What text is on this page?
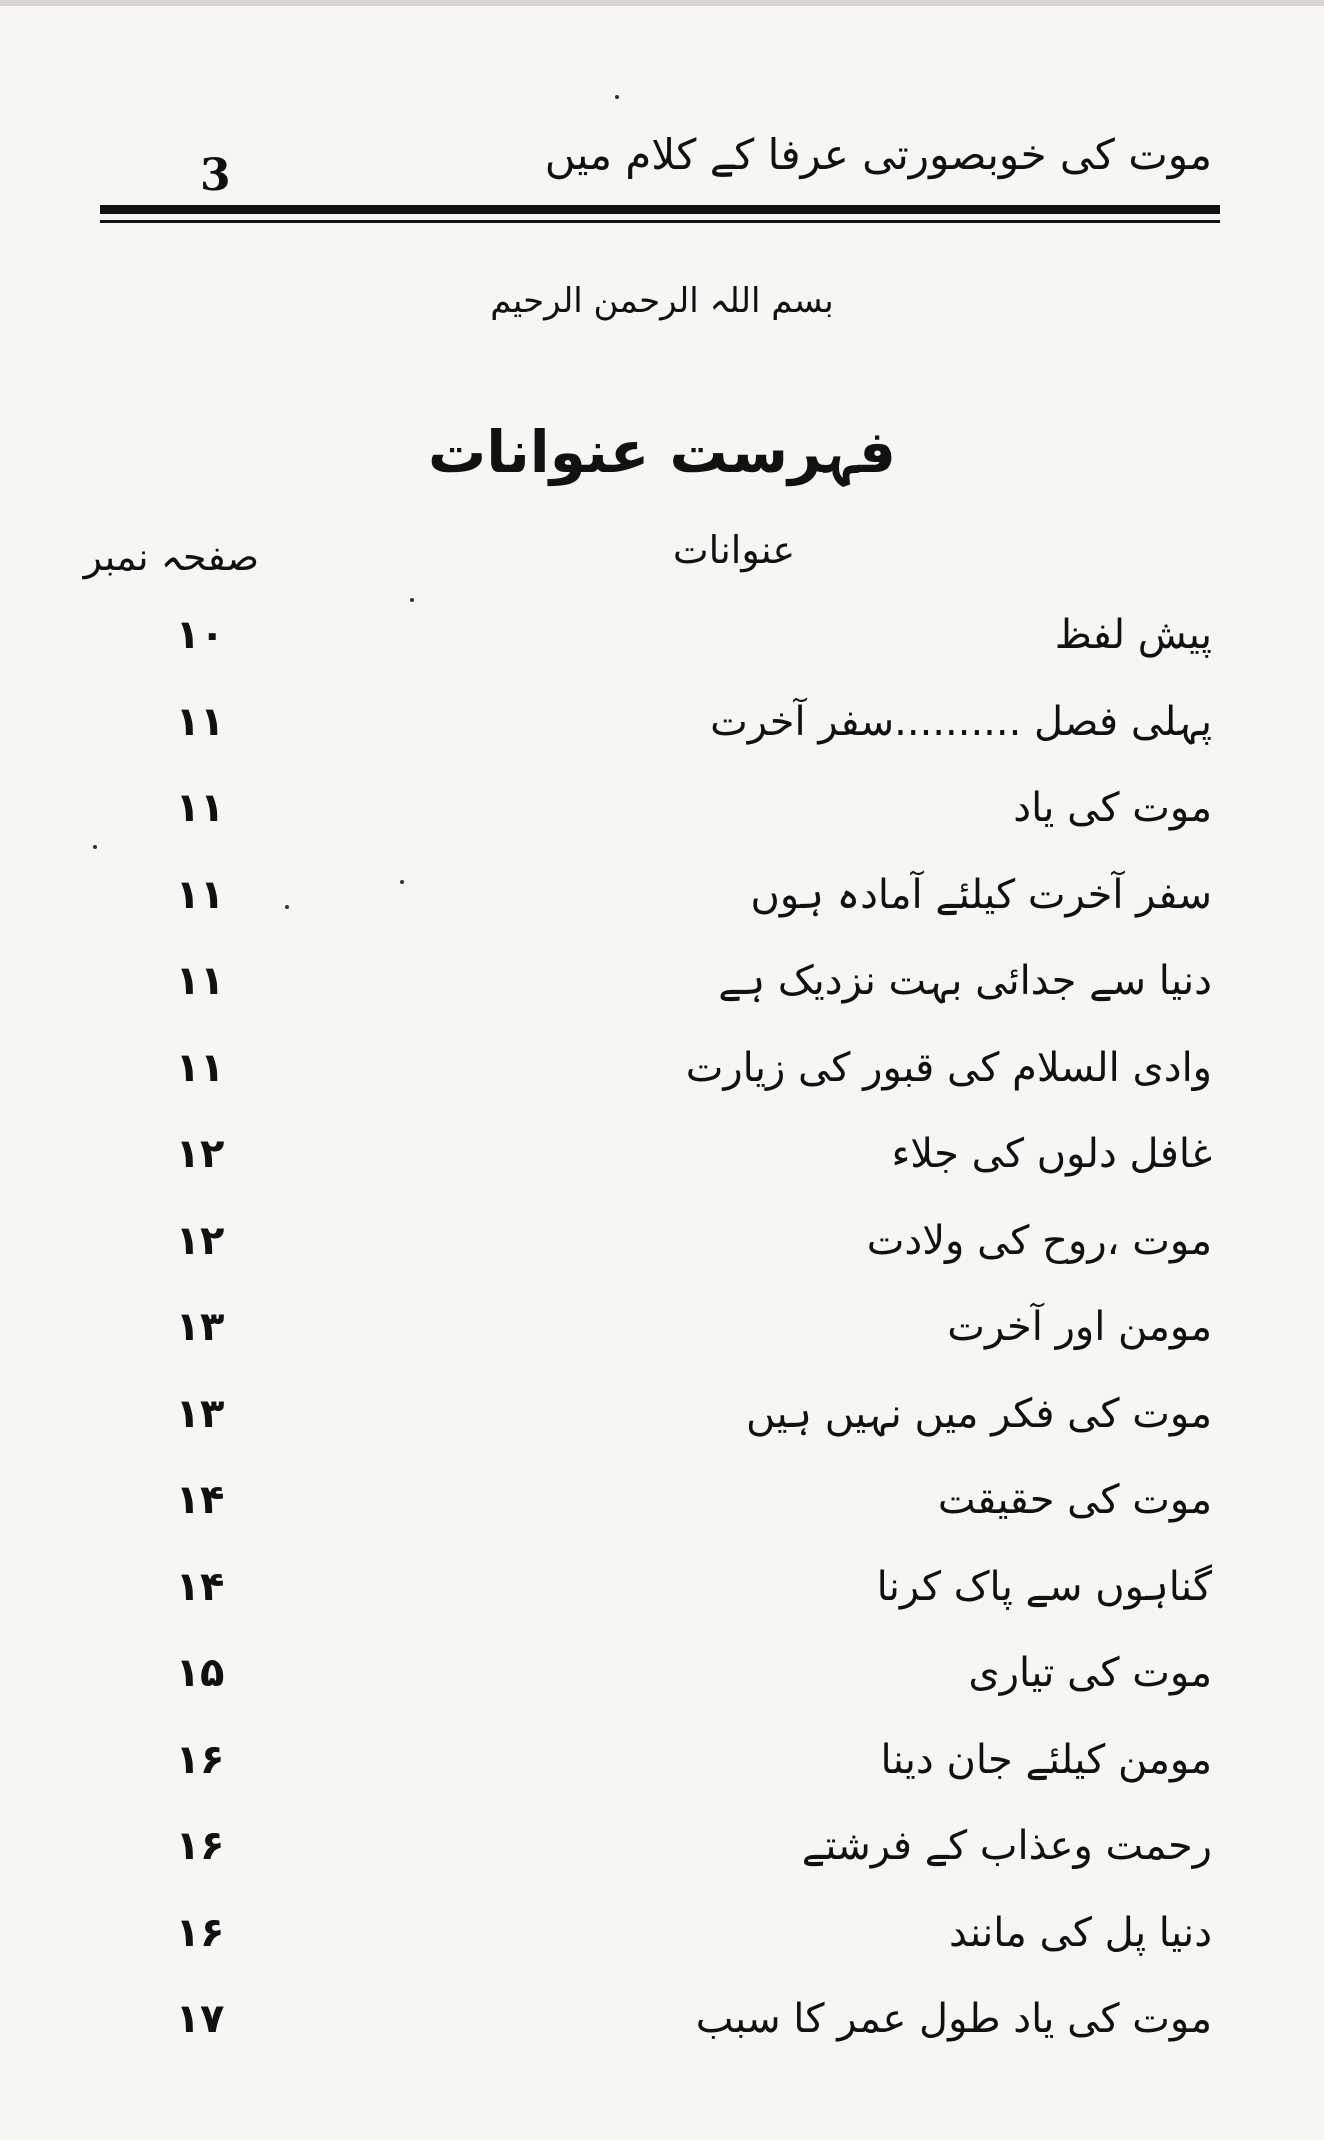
موت کی خوبصورتی عرفا کے کلام میں
3
بسم اللہ الرحمن الرحیم
فہرست عنوانات
صفحہ نمبر	عنوانات
پیش لفظ
۱۰
پہلی فصل ..........سفر آخرت
۱۱
موت کی یاد
۱۱
سفر آخرت کیلئے آمادہ ہوں
۱۱
دنیا سے جدائی بہت نزدیک ہے
۱۱
وادی السلام کی قبور کی زیارت
۱۱
غافل دلوں کی جلاء
۱۲
موت ،روح کی ولادت
۱۲
مومن اور آخرت
۱۳
موت کی فکر میں نہیں ہیں
۱۳
موت کی حقیقت
۱۴
گناہوں سے پاک کرنا
۱۴
موت کی تیاری
۱۵
مومن کیلئے جان دینا
۱۶
رحمت وعذاب کے فرشتے
۱۶
دنیا پل کی مانند
۱۶
موت کی یاد طول عمر کا سبب
۱۷
